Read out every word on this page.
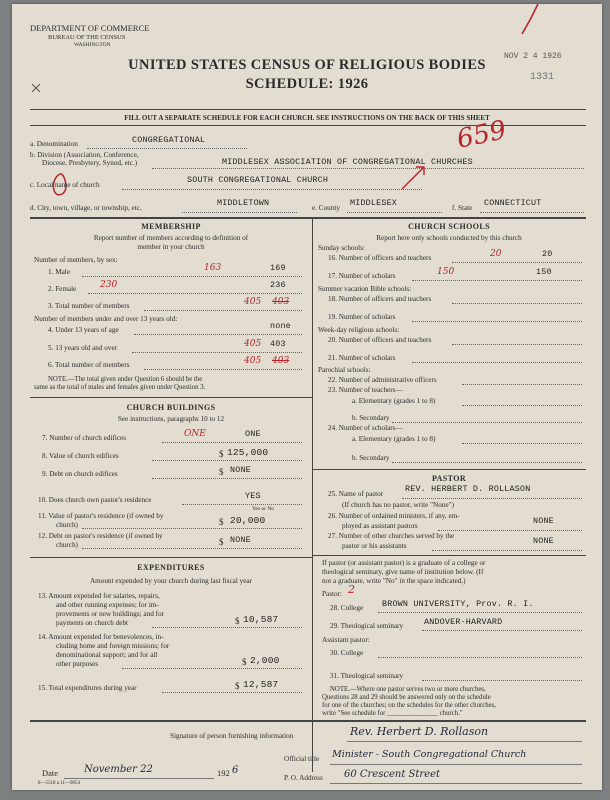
DEPARTMENT OF COMMERCE
BUREAU OF THE CENSUS
WASHINGTON
NOV 2 4 1926
1331
UNITED STATES CENSUS OF RELIGIOUS BODIES
SCHEDULE: 1926
FILL OUT A SEPARATE SCHEDULE FOR EACH CHURCH. SEE INSTRUCTIONS ON THE BACK OF THIS SHEET
659
a. Denomination	CONGREGATIONAL
b. Division (Association, Conference,
Diocese, Presbytery, Synod, etc.)	MIDDLESEX ASSOCIATION OF CONGREGATIONAL CHURCHES
c. Local name of church	SOUTH CONGREGATIONAL CHURCH
d. City, town, village, or township, etc.	MIDDLETOWN	e. County MIDDLESEX	f. State CONNECTICUT
MEMBERSHIP
Report number of members according to definition of
member in your church
Number of members, by sex:
1. Male	163	169
2. Female	230	236
3. Total number of members	405 403
Number of members under and over 13 years old:
4. Under 13 years of age	none
5. 13 years old and over	405 403
6. Total number of members	405 403
NOTE.—The total given under Question 6 should be the
same as the total of males and females given under Question 3.
CHURCH BUILDINGS
See instructions, paragraphs 10 to 12
7. Number of church edifices	ONE	ONE
8. Value of church edifices	$ 125,000
9. Debt on church edifices	$ NONE
10. Does church own pastor's residence	YES
Yes or No
11. Value of pastor's residence (if owned by
church)	$ 20,000
12. Debt on pastor's residence (if owned by
church)	$ NONE
EXPENDITURES
Amount expended by your church during last fiscal year
13. Amount expended for salaries, repairs,
and other running expenses; for im-
provements or new buildings; and for
payments on church debt	$ 10,587
14. Amount expended for benevolences, in-
cluding home and foreign missions; for
denominational support; and for all
other purposes	$ 2,000
15. Total expenditures during year	$ 12,587
CHURCH SCHOOLS
Report here only schools conducted by this church
Sunday schools:
16. Number of officers and teachers	20	20
17. Number of scholars	150	150
Summer vacation Bible schools:
18. Number of officers and teachers
19. Number of scholars
Week-day religious schools:
20. Number of officers and teachers
21. Number of scholars
Parochial schools:
22. Number of administrative officers
23. Number of teachers—
a. Elementary (grades 1 to 8)
b. Secondary
24. Number of scholars—
a. Elementary (grades 1 to 8)
b. Secondary
PASTOR
25. Name of pastor	REV. HERBERT D. ROLLASON
(If church has no pastor, write "None")
26. Number of ordained ministers, if any, em-
ployed as assistant pastors	NONE
27. Number of other churches served by the
pastor or his assistants	NONE
If pastor (or assistant pastor) is a graduate of a college or
theological seminary, give name of institution below. (If
not a graduate, write "No" in the space indicated.)
Pastor: 2
28. College BROWN UNIVERSITY, Prov. R. I.
29. Theological seminary ANDOVER-HARVARD
Assistant pastor:
30. College
31. Theological seminary
NOTE.—Where one pastor serves two or more churches,
Questions 28 and 29 should be answered only on the schedule
for one of the churches; on the schedules for the other churches,
write "See schedule for _______________ church."
Signature of person furnishing information	Rev. Herbert D. Rollason
Official title Minister - South Congregational Church
Date	November 22	192 6
P. O. Address 60 Crescent Street
8—5518 a 11—9054
